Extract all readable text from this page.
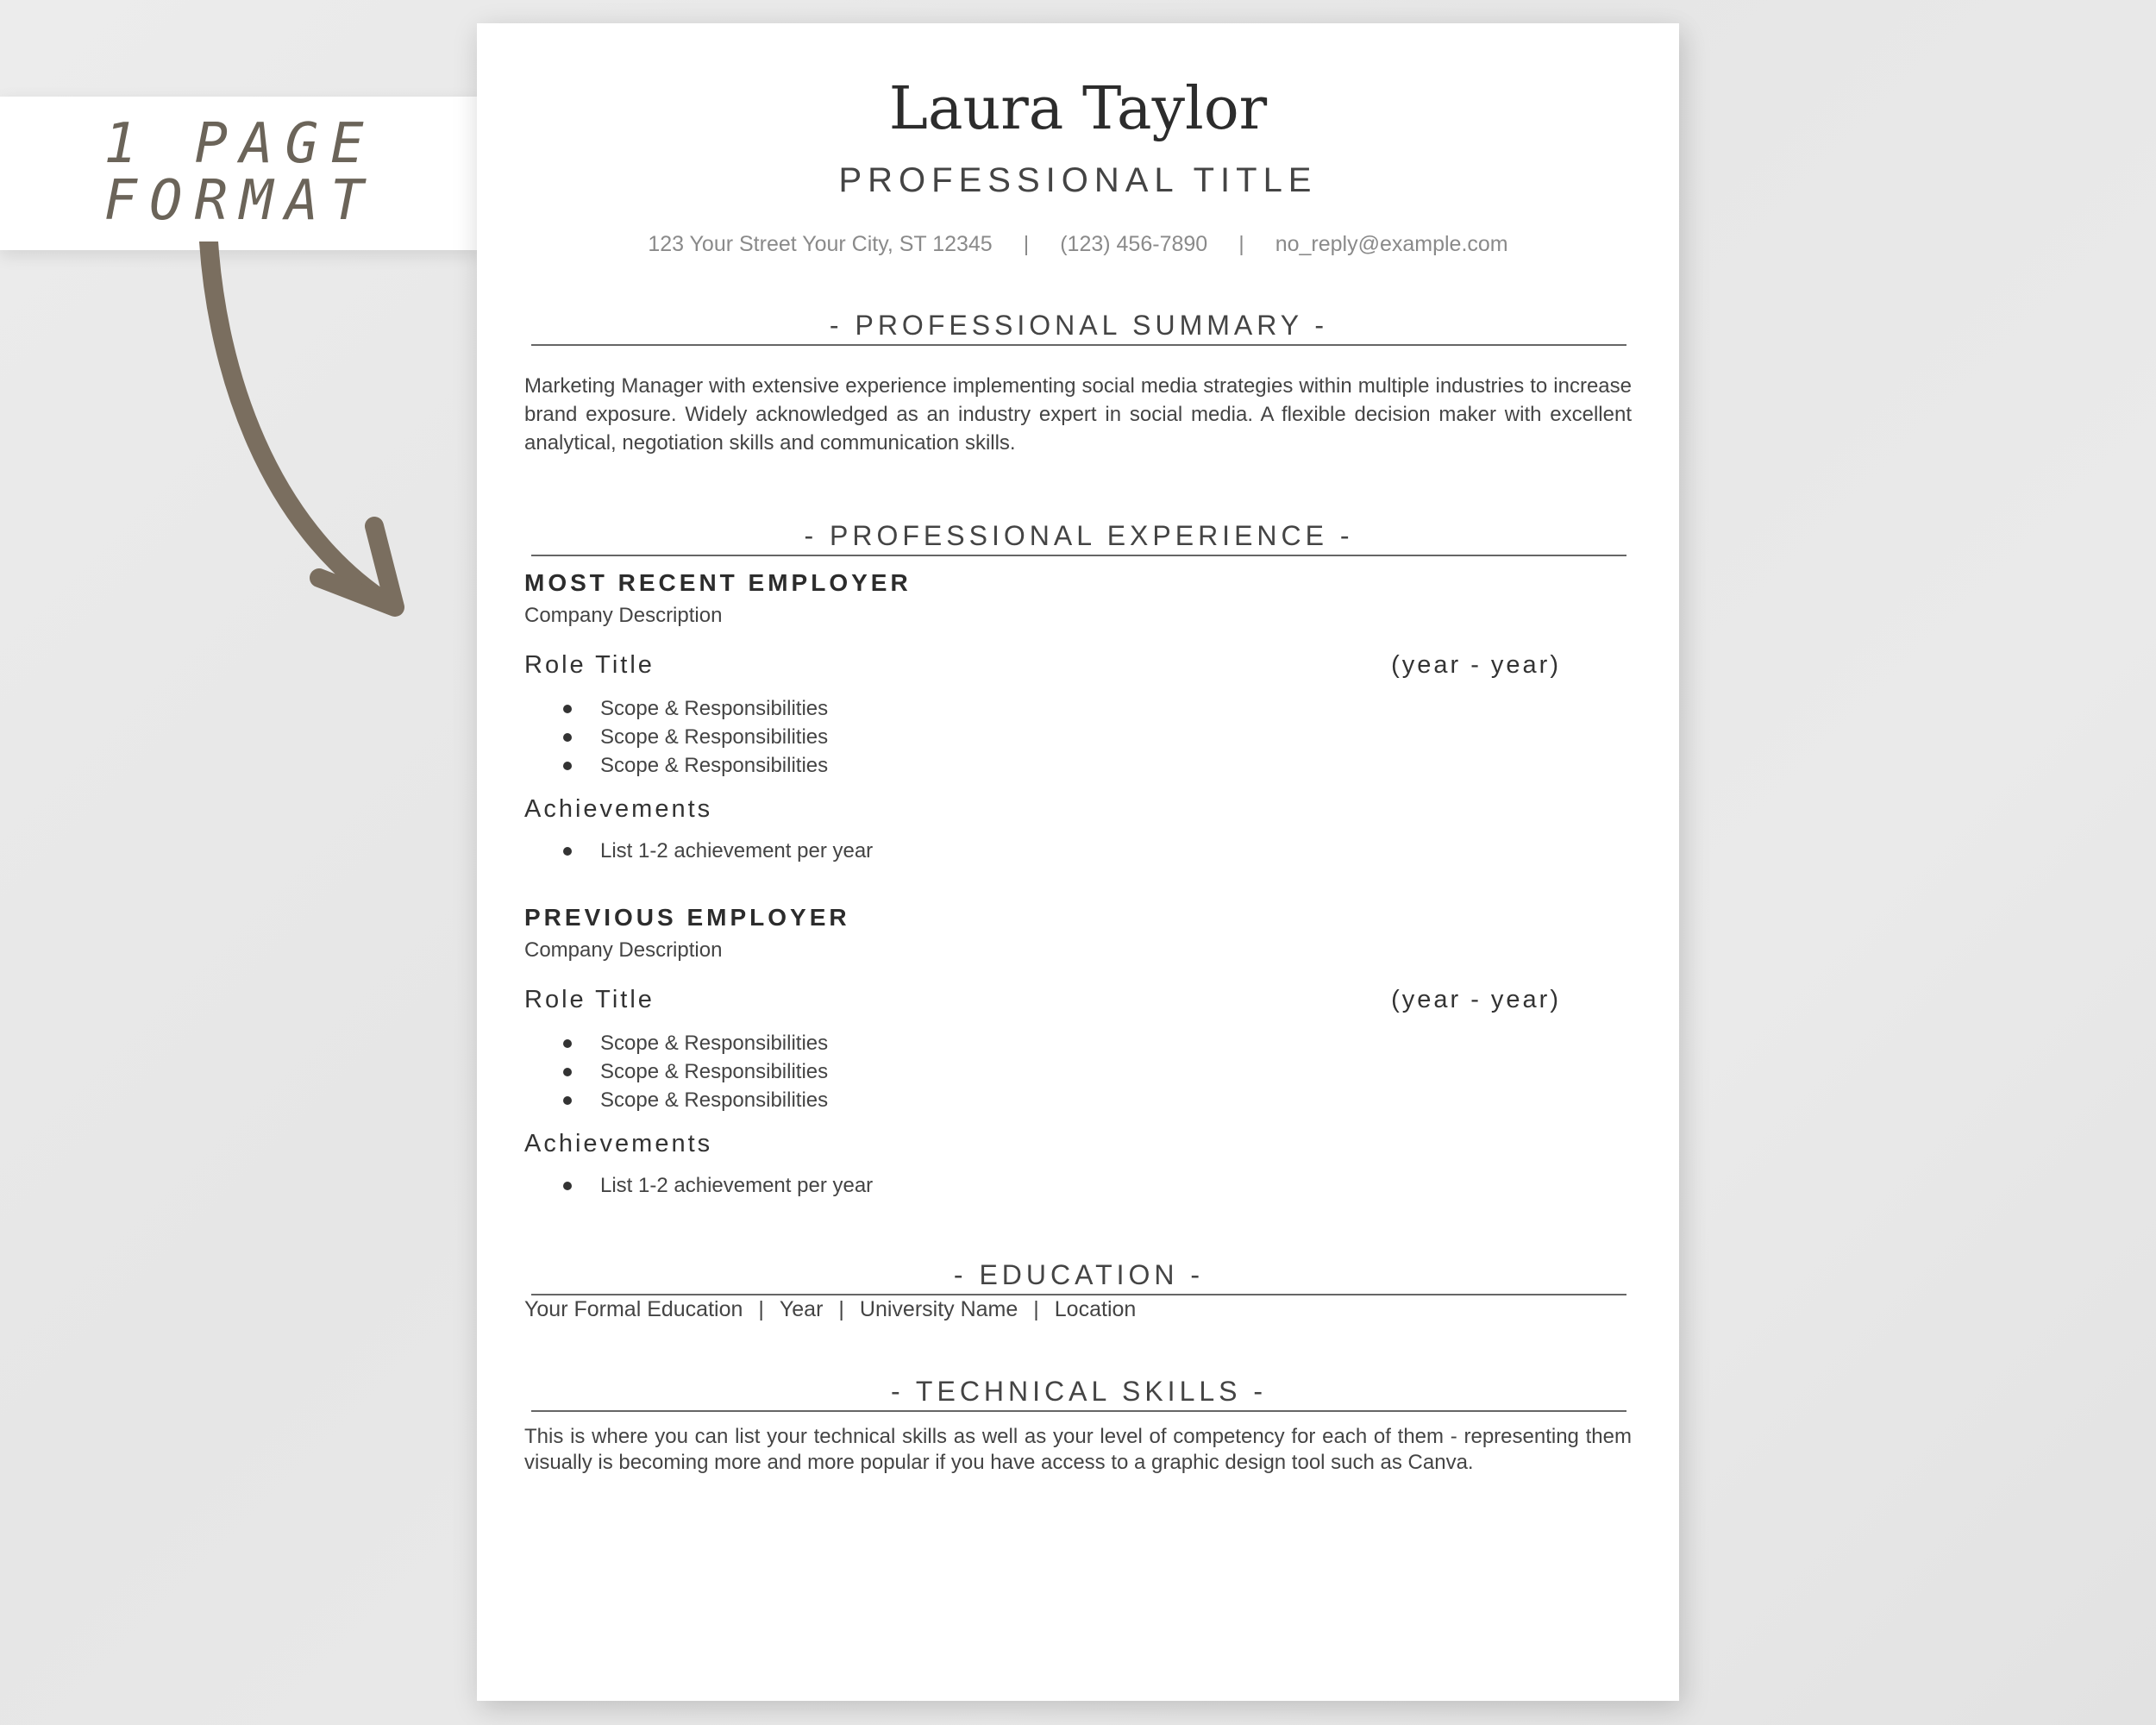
1 PAGE
FORMAT
Laura Taylor
PROFESSIONAL TITLE
123 Your Street Your City, ST 12345 | (123) 456-7890 | no_reply@example.com
- PROFESSIONAL SUMMARY -
Marketing Manager with extensive experience implementing social media strategies within multiple industries to increase brand exposure. Widely acknowledged as an industry expert in social media. A flexible decision maker with excellent analytical, negotiation skills and communication skills.
- PROFESSIONAL EXPERIENCE -
MOST RECENT EMPLOYER
Company Description
Role Title	(year - year)
Scope & Responsibilities
Scope & Responsibilities
Scope & Responsibilities
Achievements
List 1-2 achievement per year
PREVIOUS EMPLOYER
Company Description
Role Title	(year - year)
Scope & Responsibilities
Scope & Responsibilities
Scope & Responsibilities
Achievements
List 1-2 achievement per year
- EDUCATION -
Your Formal Education | Year | University Name | Location
- TECHNICAL SKILLS -
This is where you can list your technical skills as well as your level of competency for each of them - representing them visually is becoming more and more popular if you have access to a graphic design tool such as Canva.
